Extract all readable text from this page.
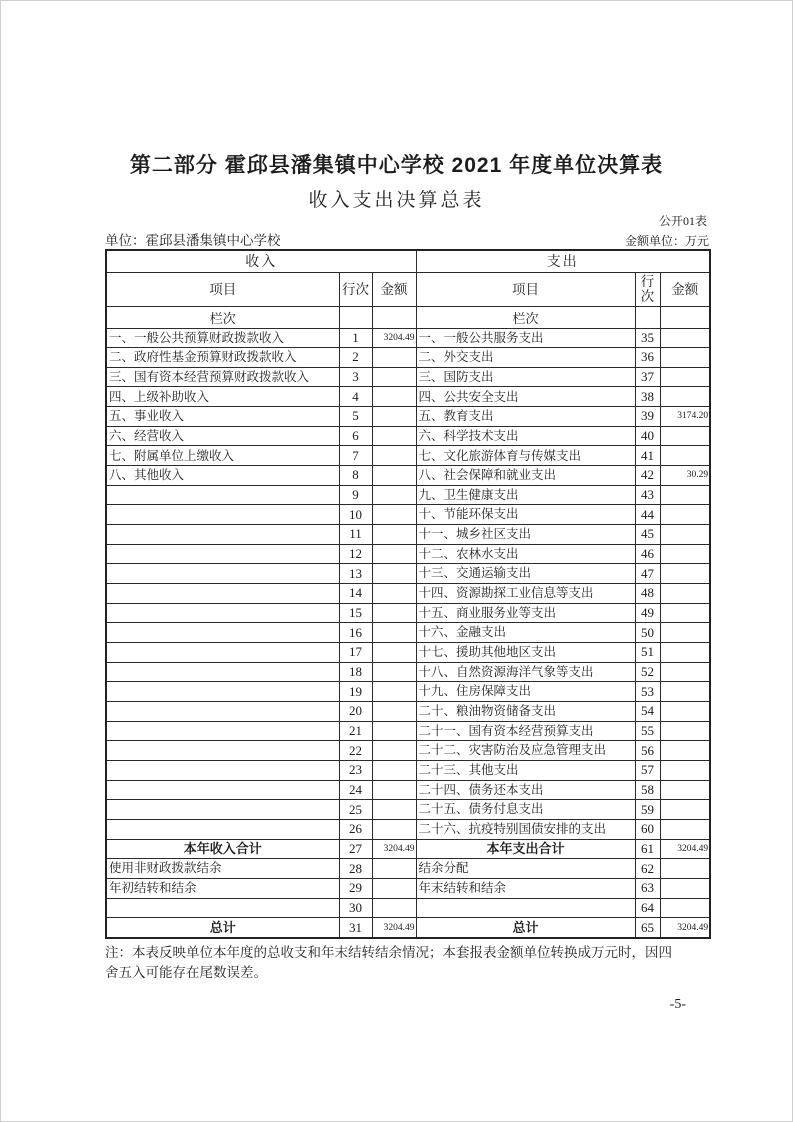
第二部分 霍邱县潘集镇中心学校 2021 年度单位决算表
收入支出决算总表
公开01表
单位：霍邱县潘集镇中心学校	金额单位：万元
收入			支出		
项目	行次	金额	项目	行次	金额
栏次			栏次		
一、一般公共预算财政拨款收入	1	3204.49	一、一般公共服务支出	35	
二、政府性基金预算财政拨款收入	2		二、外交支出	36	
三、国有资本经营预算财政拨款收入	3		三、国防支出	37	
四、上级补助收入	4		四、公共安全支出	38	
五、事业收入	5		五、教育支出	39	3174.20
六、经营收入	6		六、科学技术支出	40	
七、附属单位上缴收入	7		七、文化旅游体育与传媒支出	41	
八、其他收入	8		八、社会保障和就业支出	42	30.29
	9		九、卫生健康支出	43	
	10		十、节能环保支出	44	
	11		十一、城乡社区支出	45	
	12		十二、农林水支出	46	
	13		十三、交通运输支出	47	
	14		十四、资源勘探工业信息等支出	48	
	15		十五、商业服务业等支出	49	
	16		十六、金融支出	50	
	17		十七、援助其他地区支出	51	
	18		十八、自然资源海洋气象等支出	52	
	19		十九、住房保障支出	53	
	20		二十、粮油物资储备支出	54	
	21		二十一、国有资本经营预算支出	55	
	22		二十二、灾害防治及应急管理支出	56	
	23		二十三、其他支出	57	
	24		二十四、债务还本支出	58	
	25		二十五、债务付息支出	59	
	26		二十六、抗疫特别国债安排的支出	60	
本年收入合计	27	3204.49	本年支出合计	61	3204.49
使用非财政拨款结余	28		结余分配	62	
年初结转和结余	29		年末结转和结余	63	
	30			64	
总计	31	3204.49	总计	65	3204.49
注：本表反映单位本年度的总收支和年末结转结余情况；本套报表金额单位转换成万元时，因四
舍五入可能存在尾数误差。
-5-
